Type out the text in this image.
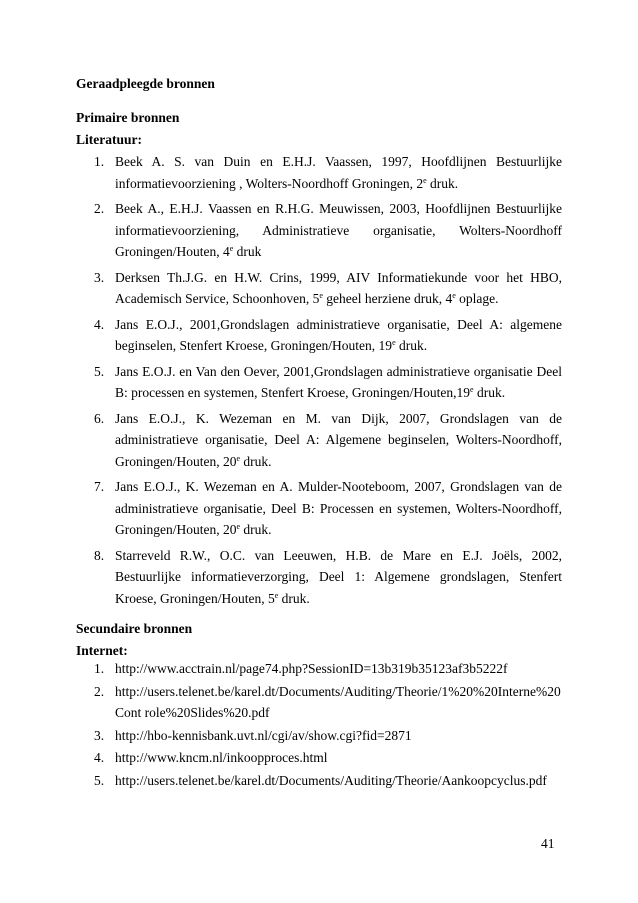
Geraadpleegde bronnen
Primaire bronnen
Literatuur:
1. Beek A. S. van Duin en E.H.J. Vaassen, 1997, Hoofdlijnen Bestuurlijke informatievoorziening , Wolters-Noordhoff Groningen, 2e druk.
2. Beek A., E.H.J. Vaassen en R.H.G. Meuwissen, 2003, Hoofdlijnen Bestuurlijke informatievoorziening, Administratieve organisatie, Wolters-Noordhoff Groningen/Houten, 4e druk
3. Derksen Th.J.G. en H.W. Crins, 1999, AIV Informatiekunde voor het HBO, Academisch Service, Schoonhoven, 5e geheel herziene druk, 4e oplage.
4. Jans E.O.J., 2001,Grondslagen administratieve organisatie, Deel A: algemene beginselen, Stenfert Kroese, Groningen/Houten, 19e druk.
5. Jans E.O.J. en Van den Oever, 2001,Grondslagen administratieve organisatie Deel B: processen en systemen, Stenfert Kroese, Groningen/Houten,19e druk.
6. Jans E.O.J., K. Wezeman en M. van Dijk, 2007, Grondslagen van de administratieve organisatie, Deel A: Algemene beginselen, Wolters-Noordhoff, Groningen/Houten, 20e druk.
7. Jans E.O.J., K. Wezeman en A. Mulder-Nooteboom, 2007, Grondslagen van de administratieve organisatie, Deel B: Processen en systemen, Wolters-Noordhoff, Groningen/Houten, 20e druk.
8. Starreveld R.W., O.C. van Leeuwen, H.B. de Mare en E.J. Joëls, 2002, Bestuurlijke informatieverzorging, Deel 1: Algemene grondslagen, Stenfert Kroese, Groningen/Houten, 5e druk.
Secundaire bronnen
Internet:
1. http://www.acctrain.nl/page74.php?SessionID=13b319b35123af3b5222f
2. http://users.telenet.be/karel.dt/Documents/Auditing/Theorie/1%20%20Interne%20Cont role%20Slides%20.pdf
3. http://hbo-kennisbank.uvt.nl/cgi/av/show.cgi?fid=2871
4. http://www.kncm.nl/inkoopproces.html
5. http://users.telenet.be/karel.dt/Documents/Auditing/Theorie/Aankoopcyclus.pdf
41
